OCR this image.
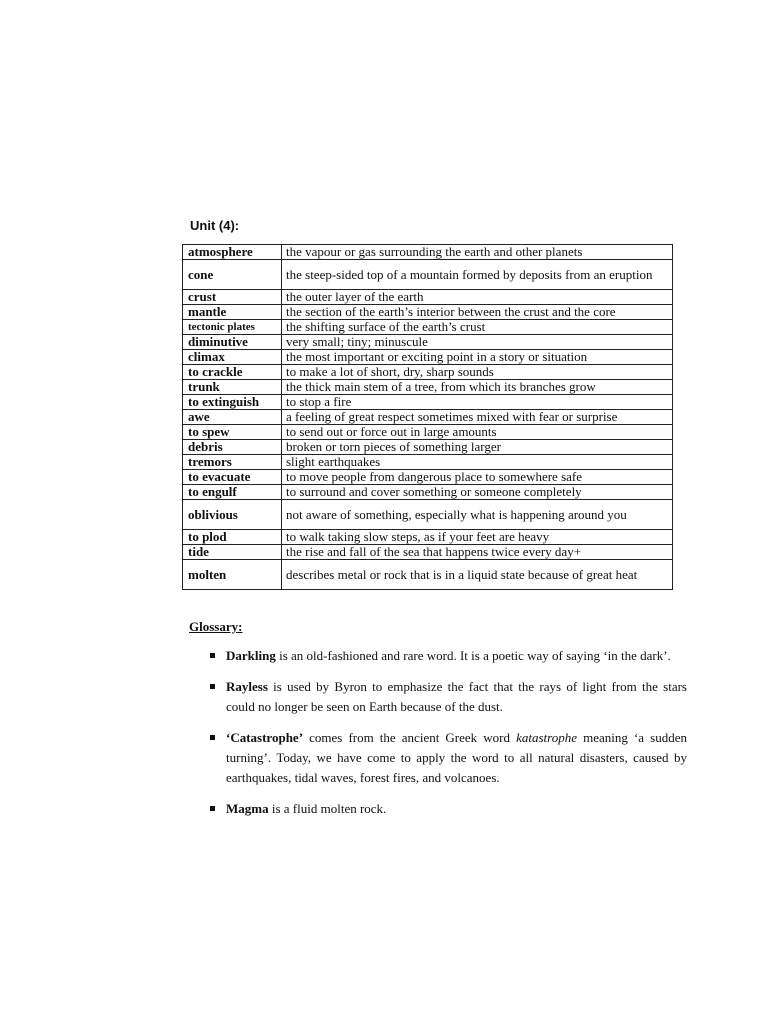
Unit (4):
atmosphere	the vapour or gas surrounding the earth and other planets
cone	the steep-sided top of a mountain formed by deposits from an eruption
crust	the outer layer of the earth
mantle	the section of the earth’s interior between the crust and the core
tectonic plates	the shifting surface of the earth’s crust
diminutive	very small; tiny; minuscule
climax	the most important or exciting point in a story or situation
to crackle	to make a lot of short, dry, sharp sounds
trunk	the thick main stem of a tree, from which its branches grow
to extinguish	to stop a fire
awe	a feeling of great respect sometimes mixed with fear or surprise
to spew	to send out or force out in large amounts
debris	broken or torn pieces of something larger
tremors	slight earthquakes
to evacuate	to move people from dangerous place to somewhere safe
to engulf	to surround and cover something or someone completely
oblivious	not aware of something, especially what is happening around you
to plod	to walk taking slow steps, as if your feet are heavy
tide	the rise and fall of the sea that happens twice every day+
molten	describes metal or rock that is in a liquid state because of great heat

Glossary:

Darkling is an old-fashioned and rare word. It is a poetic way of saying ‘in the dark’.
Rayless is used by Byron to emphasize the fact that the rays of light from the stars could no longer be seen on Earth because of the dust.
‘Catastrophe’ comes from the ancient Greek word katastrophe meaning ‘a sudden turning’. Today, we have come to apply the word to all natural disasters, caused by earthquakes, tidal waves, forest fires, and volcanoes.
Magma is a fluid molten rock.
